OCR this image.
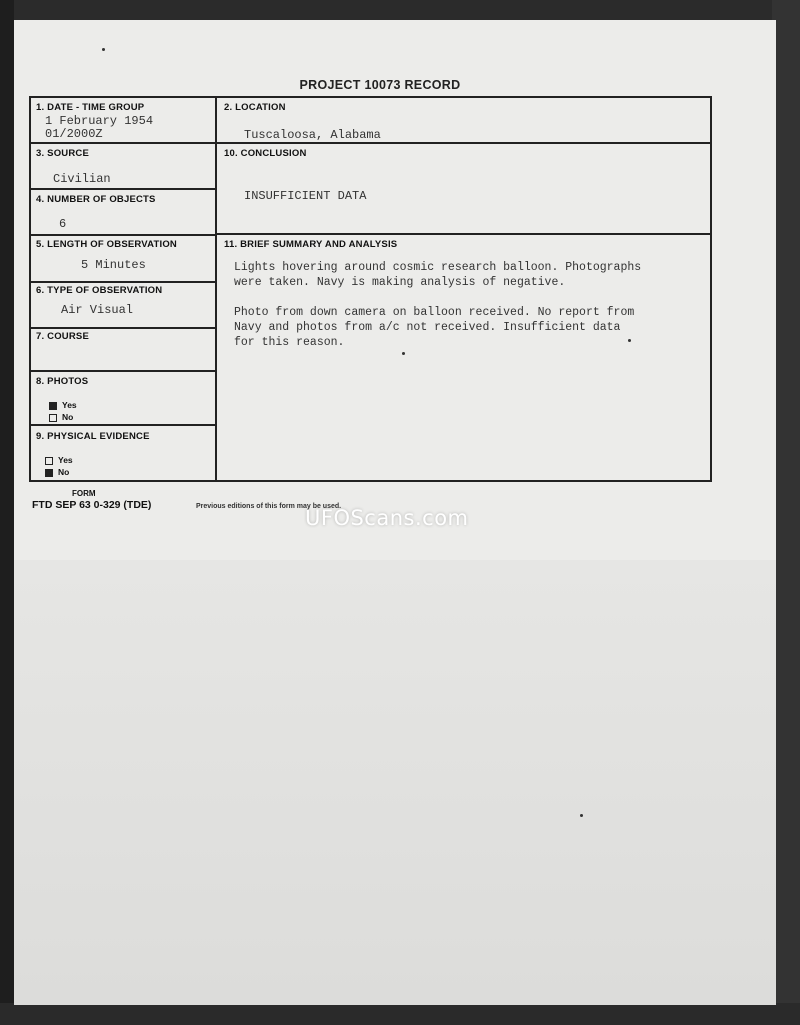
PROJECT 10073 RECORD
1. DATE - TIME GROUP
1 February 1954
01/2000Z
2. LOCATION
Tuscaloosa, Alabama
3. SOURCE
Civilian
10. CONCLUSION
INSUFFICIENT DATA
4. NUMBER OF OBJECTS
6
5. LENGTH OF OBSERVATION
5 Minutes
11. BRIEF SUMMARY AND ANALYSIS
Lights hovering around cosmic research balloon. Photographs
were taken. Navy is making analysis of negative.
Photo from down camera on balloon received. No report from
Navy and photos from a/c not received. Insufficient data
for this reason.
6. TYPE OF OBSERVATION
Air Visual
7. COURSE
8. PHOTOS
Yes
No
9. PHYSICAL EVIDENCE
Yes
No
FORM
FTD SEP 63 0-329 (TDE)	Previous editions of this form may be used.
UFOScans.com
